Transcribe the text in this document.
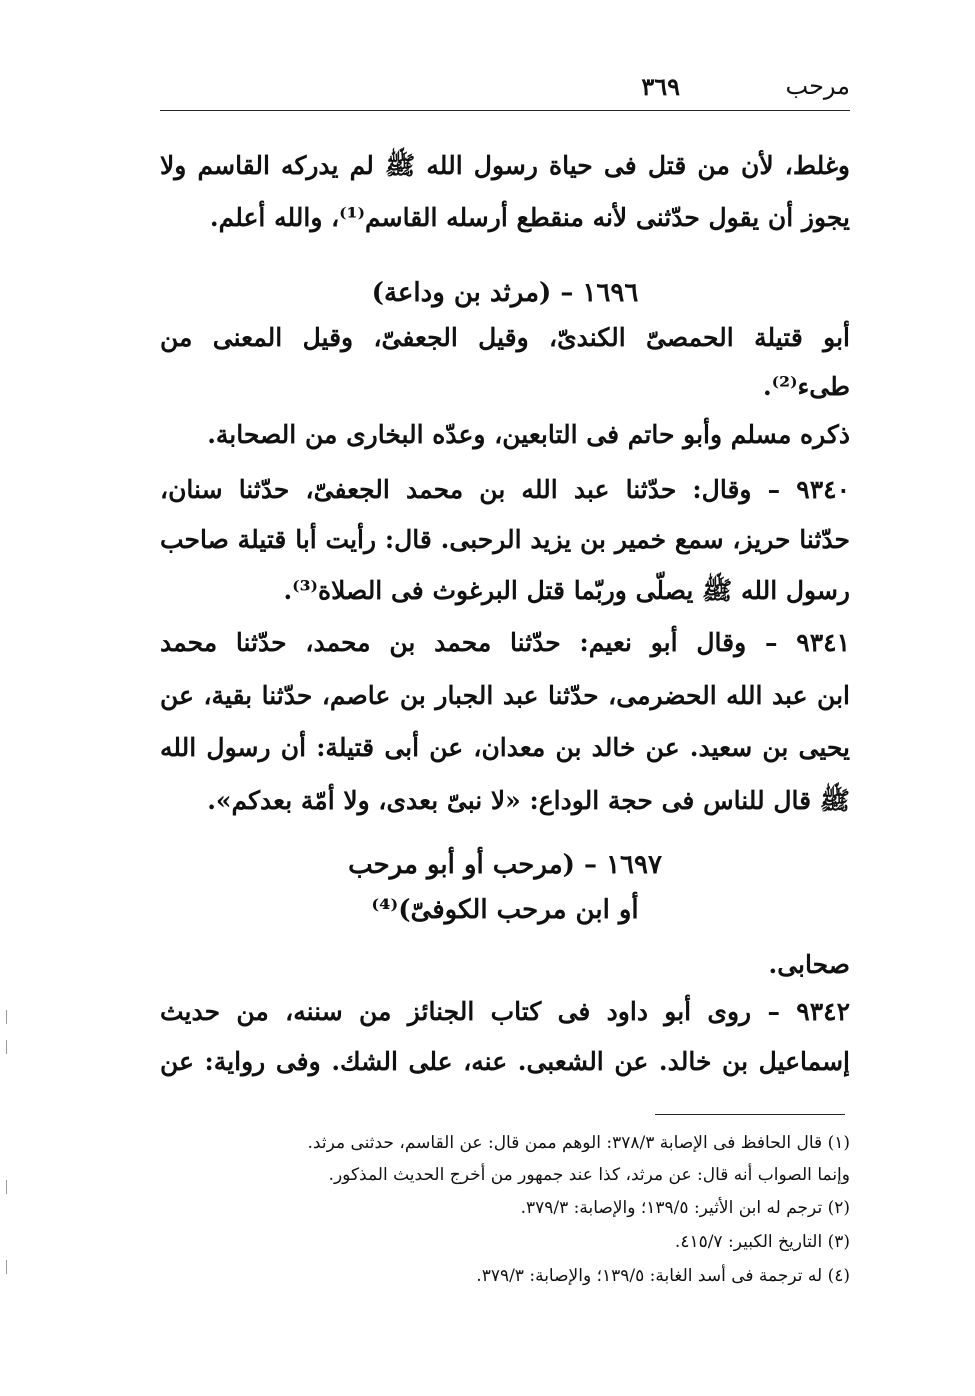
مرحب
٣٦٩
وغلط، لأن من قتل فى حياة رسول الله ﷺ لم يدركه القاسم ولا
يجوز أن يقول حدّثنى لأنه منقطع أرسله القاسم⁽¹⁾، والله أعلم.
١٦٩٦ – (مرثد بن وداعة)
أبو قتيلة الحمصىّ الكندىّ، وقيل الجعفىّ، وقيل المعنى من
طىء⁽²⁾.
ذكره مسلم وأبو حاتم فى التابعين، وعدّه البخارى من الصحابة.
٩٣٤٠ – وقال: حدّثنا عبد الله بن محمد الجعفىّ، حدّثنا سنان،
حدّثنا حريز، سمع خمير بن يزيد الرحبى. قال: رأيت أبا قتيلة صاحب
رسول الله ﷺ يصلّى وربّما قتل البرغوث فى الصلاة⁽³⁾.
٩٣٤١ – وقال أبو نعيم: حدّثنا محمد بن محمد، حدّثنا محمد
ابن عبد الله الحضرمى، حدّثنا عبد الجبار بن عاصم، حدّثنا بقية، عن
يحيى بن سعيد. عن خالد بن معدان، عن أبى قتيلة: أن رسول الله
ﷺ قال للناس فى حجة الوداع: «لا نبىّ بعدى، ولا أمّة بعدكم».
١٦٩٧ – (مرحب أو أبو مرحب
أو ابن مرحب الكوفىّ)⁽⁴⁾
صحابى.
٩٣٤٢ – روى أبو داود فى كتاب الجنائز من سننه، من حديث
إسماعيل بن خالد. عن الشعبى. عنه، على الشك. وفى رواية: عن
(١) قال الحافظ فى الإصابة ٣٧٨/٣: الوهم ممن قال: عن القاسم، حدثنى مرثد.
وإنما الصواب أنه قال: عن مرثد، كذا عند جمهور من أخرج الحديث المذكور.
(٢) ترجم له ابن الأثير: ١٣٩/٥؛ والإصابة: ٣٧٩/٣.
(٣) التاريخ الكبير: ٤١٥/٧.
(٤) له ترجمة فى أسد الغابة: ١٣٩/٥؛ والإصابة: ٣٧٩/٣.
